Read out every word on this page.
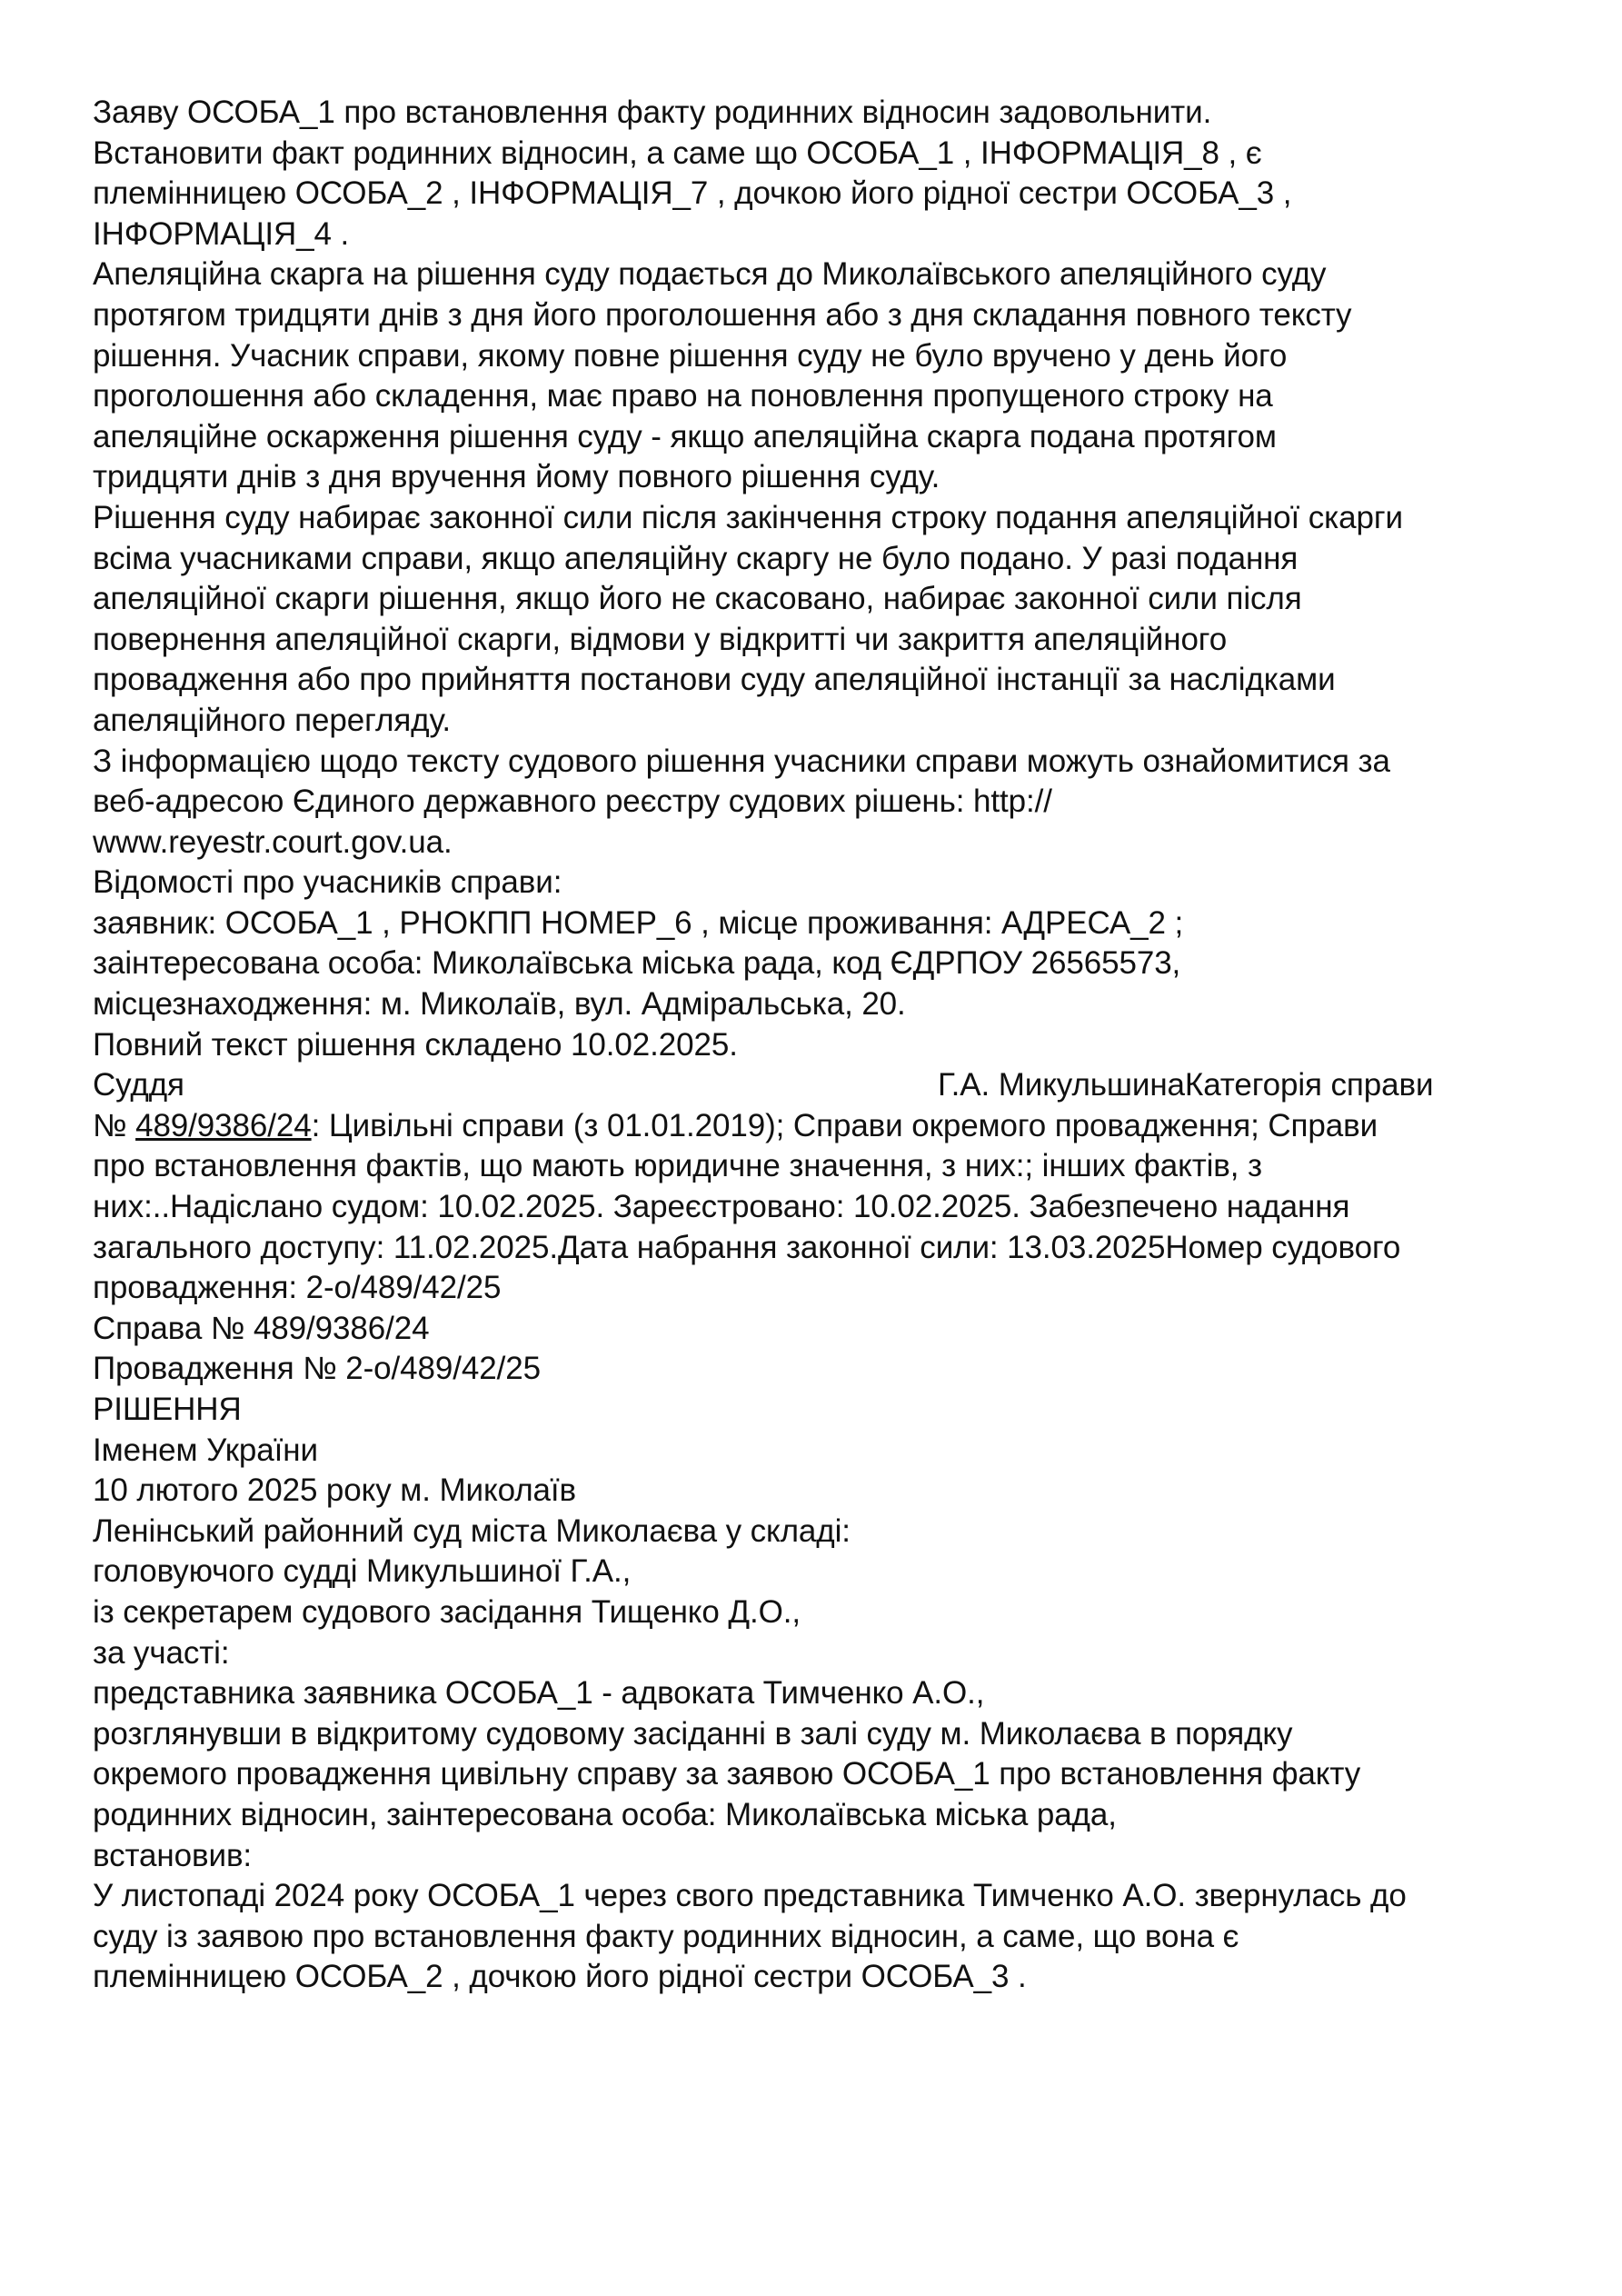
Заяву ОСОБА_1 про встановлення факту родинних відносин задовольнити.
Встановити факт родинних відносин, а саме що ОСОБА_1 , ІНФОРМАЦІЯ_8 , є
племінницею ОСОБА_2 , ІНФОРМАЦІЯ_7 , дочкою його рідної сестри ОСОБА_3 ,
ІНФОРМАЦІЯ_4 .
Апеляційна скарга на рішення суду подається до Миколаївського апеляційного суду
протягом тридцяти днів з дня його проголошення або з дня складання повного тексту
рішення. Учасник справи, якому повне рішення суду не було вручено у день його
проголошення або складення, має право на поновлення пропущеного строку на
апеляційне оскарження рішення суду - якщо апеляційна скарга подана протягом
тридцяти днів з дня вручення йому повного рішення суду.
Рішення суду набирає законної сили після закінчення строку подання апеляційної скарги
всіма учасниками справи, якщо апеляційну скаргу не було подано. У разі подання
апеляційної скарги рішення, якщо його не скасовано, набирає законної сили після
повернення апеляційної скарги, відмови у відкритті чи закриття апеляційного
провадження або про прийняття постанови суду апеляційної інстанції за наслідками
апеляційного перегляду.
З інформацією щодо тексту судового рішення учасники справи можуть ознайомитися за
веб-адресою Єдиного державного реєстру судових рішень: http://
www.reyestr.court.gov.ua.
Відомості про учасників справи:
заявник: ОСОБА_1 , РНОКПП НОМЕР_6 , місце проживання: АДРЕСА_2 ;
заінтересована особа: Миколаївська міська рада, код ЄДРПОУ 26565573,
місцезнаходження: м. Миколаїв, вул. Адміральська, 20.
Повний текст рішення складено 10.02.2025.
Суддя	Г.А. МикульшинаКатегорія справи
№ 489/9386/24: Цивільні справи (з 01.01.2019); Справи окремого провадження; Справи
про встановлення фактів, що мають юридичне значення, з них:; інших фактів, з
них:..Надіслано судом: 10.02.2025. Зареєстровано: 10.02.2025. Забезпечено надання
загального доступу: 11.02.2025.Дата набрання законної сили: 13.03.2025Номер судового
провадження: 2-о/489/42/25
Справа № 489/9386/24
Провадження № 2-о/489/42/25
РІШЕННЯ
Іменем України
10 лютого 2025 року м. Миколаїв
Ленінський районний суд міста Миколаєва у складі:
головуючого судді Микульшиної Г.А.,
із секретарем судового засідання Тищенко Д.О.,
за участі:
представника заявника ОСОБА_1 - адвоката Тимченко А.О.,
розглянувши в відкритому судовому засіданні в залі суду м. Миколаєва в порядку
окремого провадження цивільну справу за заявою ОСОБА_1 про встановлення факту
родинних відносин, заінтересована особа: Миколаївська міська рада,
встановив:
У листопаді 2024 року ОСОБА_1 через свого представника Тимченко А.О. звернулась до
суду із заявою про встановлення факту родинних відносин, а саме, що вона є
племінницею ОСОБА_2 , дочкою його рідної сестри ОСОБА_3 .
